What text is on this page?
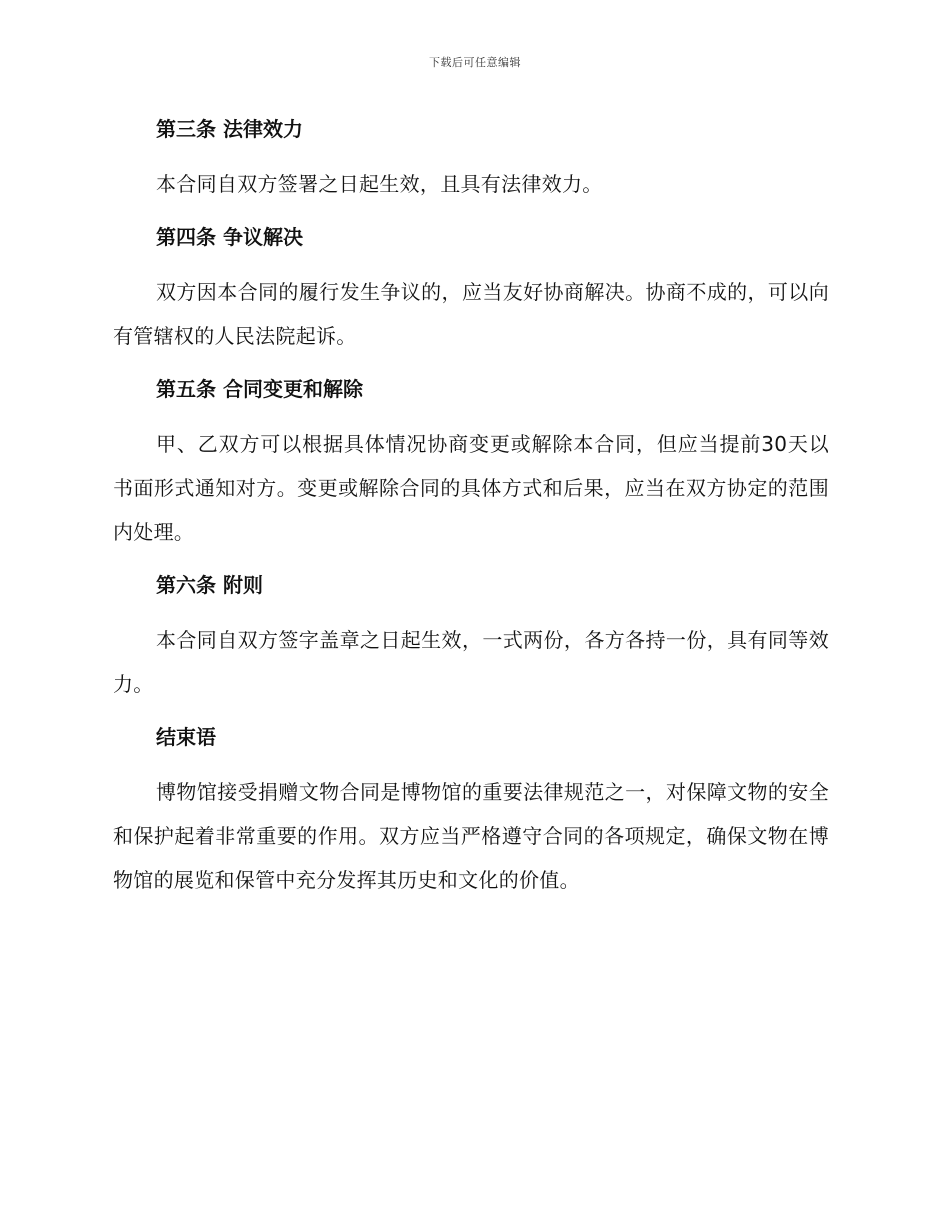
下载后可任意编辑
第三条 法律效力
本合同自双方签署之日起生效，且具有法律效力。
第四条 争议解决
双方因本合同的履行发生争议的，应当友好协商解决。协商不成的，可以向有管辖权的人民法院起诉。
第五条 合同变更和解除
甲、乙双方可以根据具体情况协商变更或解除本合同，但应当提前30天以书面形式通知对方。变更或解除合同的具体方式和后果，应当在双方协定的范围内处理。
第六条 附则
本合同自双方签字盖章之日起生效，一式两份，各方各持一份，具有同等效力。
结束语
博物馆接受捐赠文物合同是博物馆的重要法律规范之一，对保障文物的安全和保护起着非常重要的作用。双方应当严格遵守合同的各项规定，确保文物在博物馆的展览和保管中充分发挥其历史和文化的价值。
